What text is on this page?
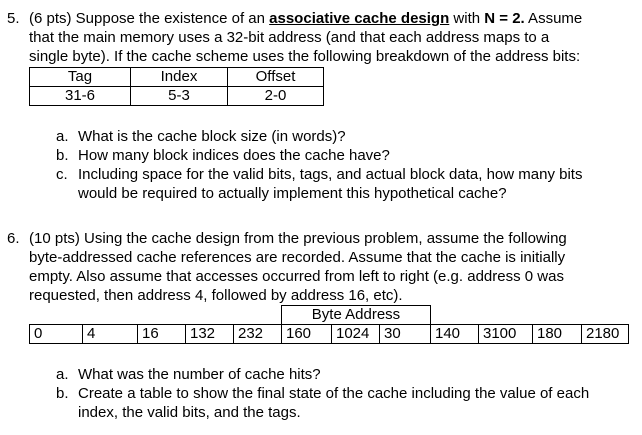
5. (6 pts) Suppose the existence of an associative cache design with N = 2. Assume
that the main memory uses a 32-bit address (and that each address maps to a
single byte). If the cache scheme uses the following breakdown of the address bits:
Tag	Index	Offset
31-6	5-3	2-0
a. What is the cache block size (in words)?
b. How many block indices does the cache have?
c. Including space for the valid bits, tags, and actual block data, how many bits
would be required to actually implement this hypothetical cache?
6. (10 pts) Using the cache design from the previous problem, assume the following
byte-addressed cache references are recorded. Assume that the cache is initially
empty. Also assume that accesses occurred from left to right (e.g. address 0 was
requested, then address 4, followed by address 16, etc).
					Byte Address						
0	4	16	132	232	160	1024	30	140	3100	180	2180
a. What was the number of cache hits?
b. Create a table to show the final state of the cache including the value of each
index, the valid bits, and the tags.
